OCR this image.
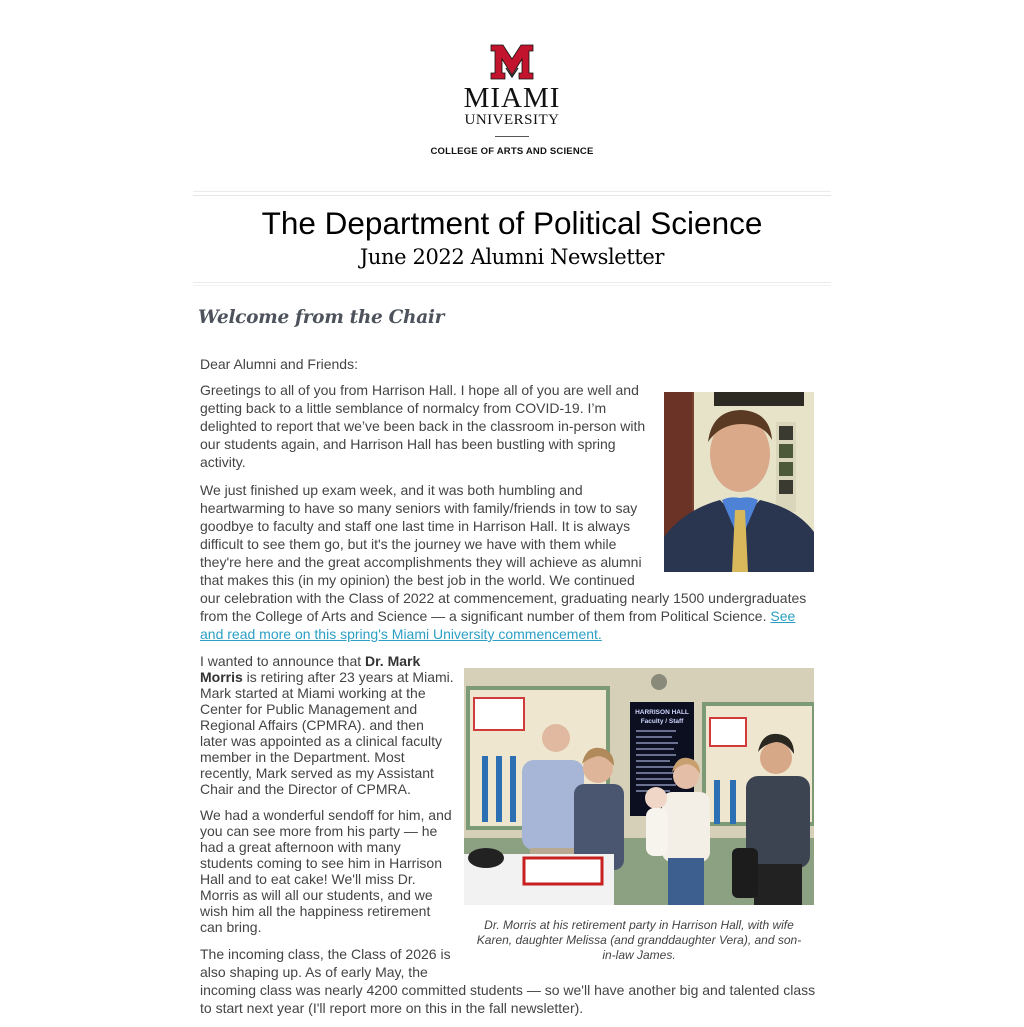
MIAMI
UNIVERSITY
COLLEGE OF ARTS AND SCIENCE
The Department of Political Science
June 2022 Alumni Newsletter
Welcome from the Chair

Dear Alumni and Friends:

Greetings to all of you from Harrison Hall. I hope all of you are well and getting back to a little semblance of normalcy from COVID-19. I’m delighted to report that we’ve been back in the classroom in-person with our students again, and Harrison Hall has been bustling with spring activity.

We just finished up exam week, and it was both humbling and heartwarming to have so many seniors with family/friends in tow to say goodbye to faculty and staff one last time in Harrison Hall. It is always difficult to see them go, but it's the journey we have with them while they're here and the great accomplishments they will achieve as alumni that makes this (in my opinion) the best job in the world. We continued our celebration with the Class of 2022 at commencement, graduating nearly 1500 undergraduates from the College of Arts and Science — a significant number of them from Political Science. See and read more on this spring's Miami University commencement.

HARRISON HALL
Faculty / Staff
Dr. Morris at his retirement party in Harrison Hall, with wife Karen, daughter Melissa (and granddaughter Vera), and son-in-law James.

I wanted to announce that Dr. Mark Morris is retiring after 23 years at Miami. Mark started at Miami working at the Center for Public Management and Regional Affairs (CPMRA). and then later was appointed as a clinical faculty member in the Department. Most recently, Mark served as my Assistant Chair and the Director of CPMRA.

We had a wonderful sendoff for him, and you can see more from his party — he had a great afternoon with many students coming to see him in Harrison Hall and to eat cake! We'll miss Dr. Morris as will all our students, and we wish him all the happiness retirement can bring.

The incoming class, the Class of 2026 is also shaping up. As of early May, the incoming class was nearly 4200 committed students — so we'll have another big and talented class to start next year (I'll report more on this in the fall newsletter).
